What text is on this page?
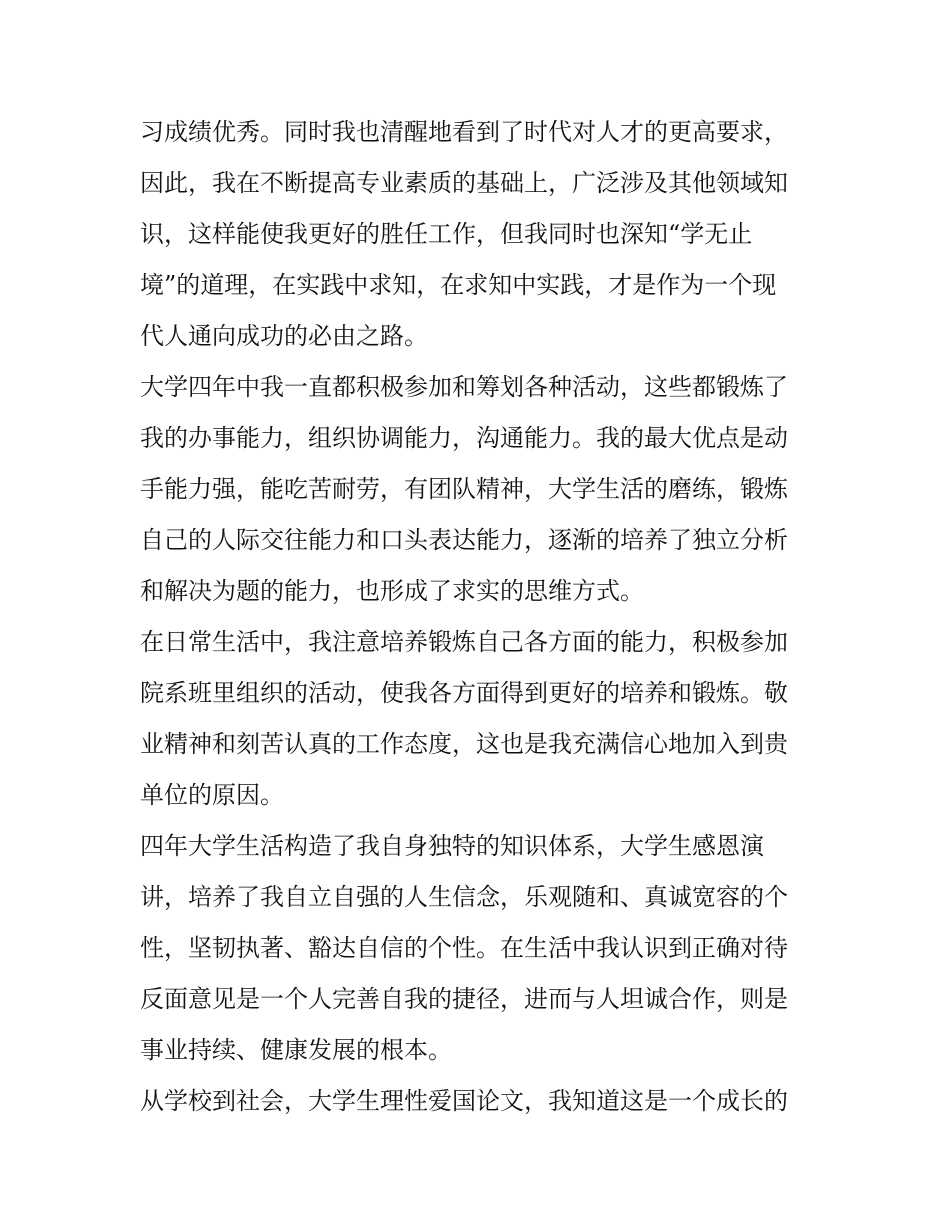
习成绩优秀。同时我也清醒地看到了时代对人才的更高要求，
因此，我在不断提高专业素质的基础上，广泛涉及其他领域知
识，这样能使我更好的胜任工作，但我同时也深知“学无止
境”的道理，在实践中求知，在求知中实践，才是作为一个现
代人通向成功的必由之路。
大学四年中我一直都积极参加和筹划各种活动，这些都锻炼了
我的办事能力，组织协调能力，沟通能力。我的最大优点是动
手能力强，能吃苦耐劳，有团队精神，大学生活的磨练，锻炼
自己的人际交往能力和口头表达能力，逐渐的培养了独立分析
和解决为题的能力，也形成了求实的思维方式。
在日常生活中，我注意培养锻炼自己各方面的能力，积极参加
院系班里组织的活动，使我各方面得到更好的培养和锻炼。敬
业精神和刻苦认真的工作态度，这也是我充满信心地加入到贵
单位的原因。
四年大学生活构造了我自身独特的知识体系，大学生感恩演
讲，培养了我自立自强的人生信念，乐观随和、真诚宽容的个
性，坚韧执著、豁达自信的个性。在生活中我认识到正确对待
反面意见是一个人完善自我的捷径，进而与人坦诚合作，则是
事业持续、健康发展的根本。
从学校到社会，大学生理性爱国论文，我知道这是一个成长的
